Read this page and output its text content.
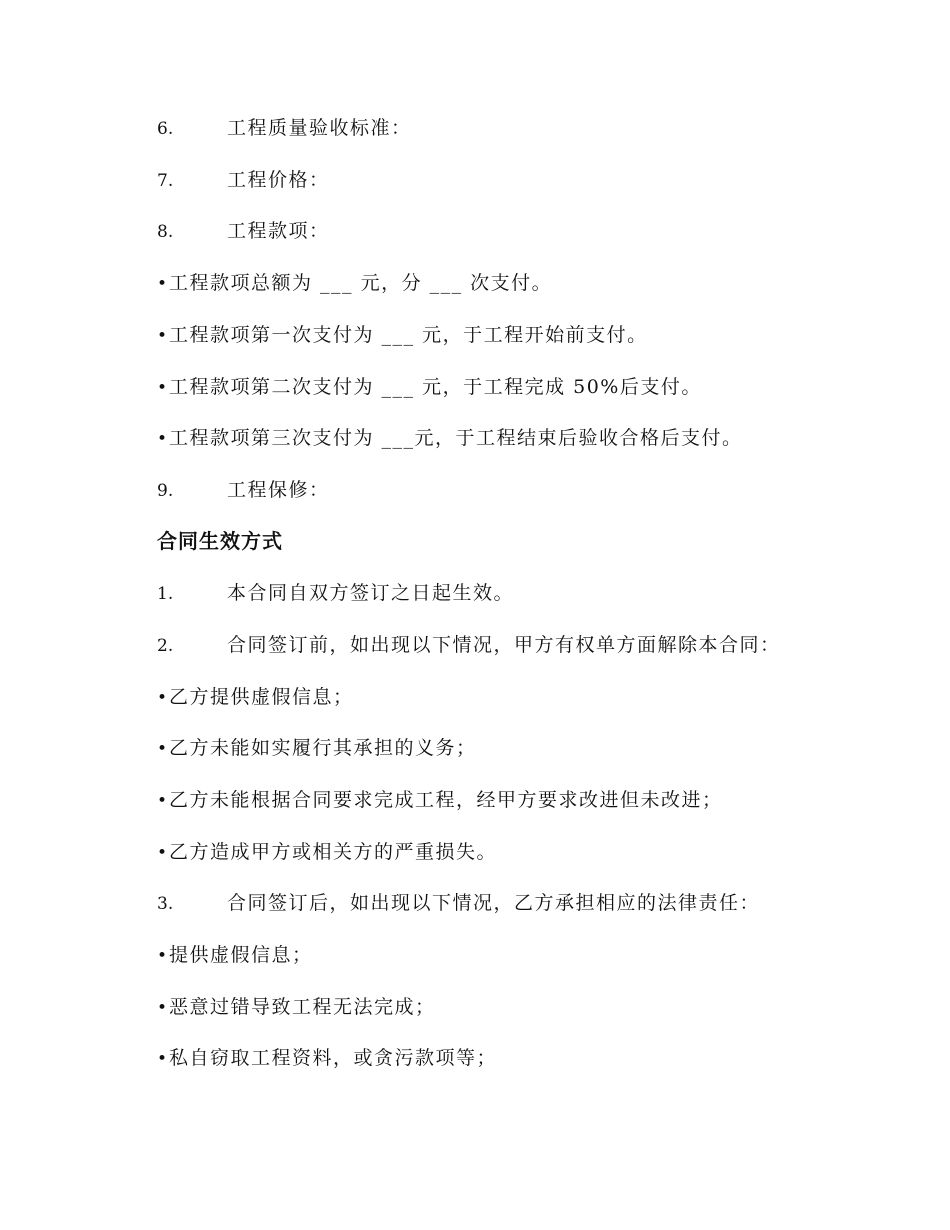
6.	工程质量验收标准：
7.	工程价格：
8.	工程款项：
• 工程款项总额为 ___ 元，分 ___ 次支付。
• 工程款项第一次支付为 ___ 元，于工程开始前支付。
• 工程款项第二次支付为 ___ 元，于工程完成 50%后支付。
• 工程款项第三次支付为 ___元，于工程结束后验收合格后支付。
9.	工程保修：
合同生效方式
1.	本合同自双方签订之日起生效。
2.	合同签订前，如出现以下情况，甲方有权单方面解除本合同：
• 乙方提供虚假信息；
• 乙方未能如实履行其承担的义务；
• 乙方未能根据合同要求完成工程，经甲方要求改进但未改进；
• 乙方造成甲方或相关方的严重损失。
3.	合同签订后，如出现以下情况，乙方承担相应的法律责任：
• 提供虚假信息；
• 恶意过错导致工程无法完成；
• 私自窃取工程资料，或贪污款项等；
